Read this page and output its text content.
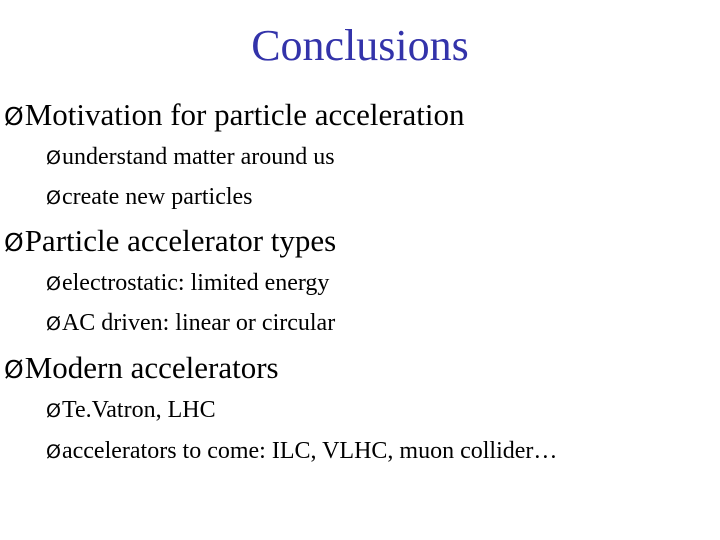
Conclusions
ØMotivation for particle acceleration
Øunderstand matter around us
Øcreate new particles
ØParticle accelerator types
Øelectrostatic: limited energy
ØAC driven: linear or circular
ØModern accelerators
ØTe.Vatron, LHC
Øaccelerators to come: ILC, VLHC, muon collider…
